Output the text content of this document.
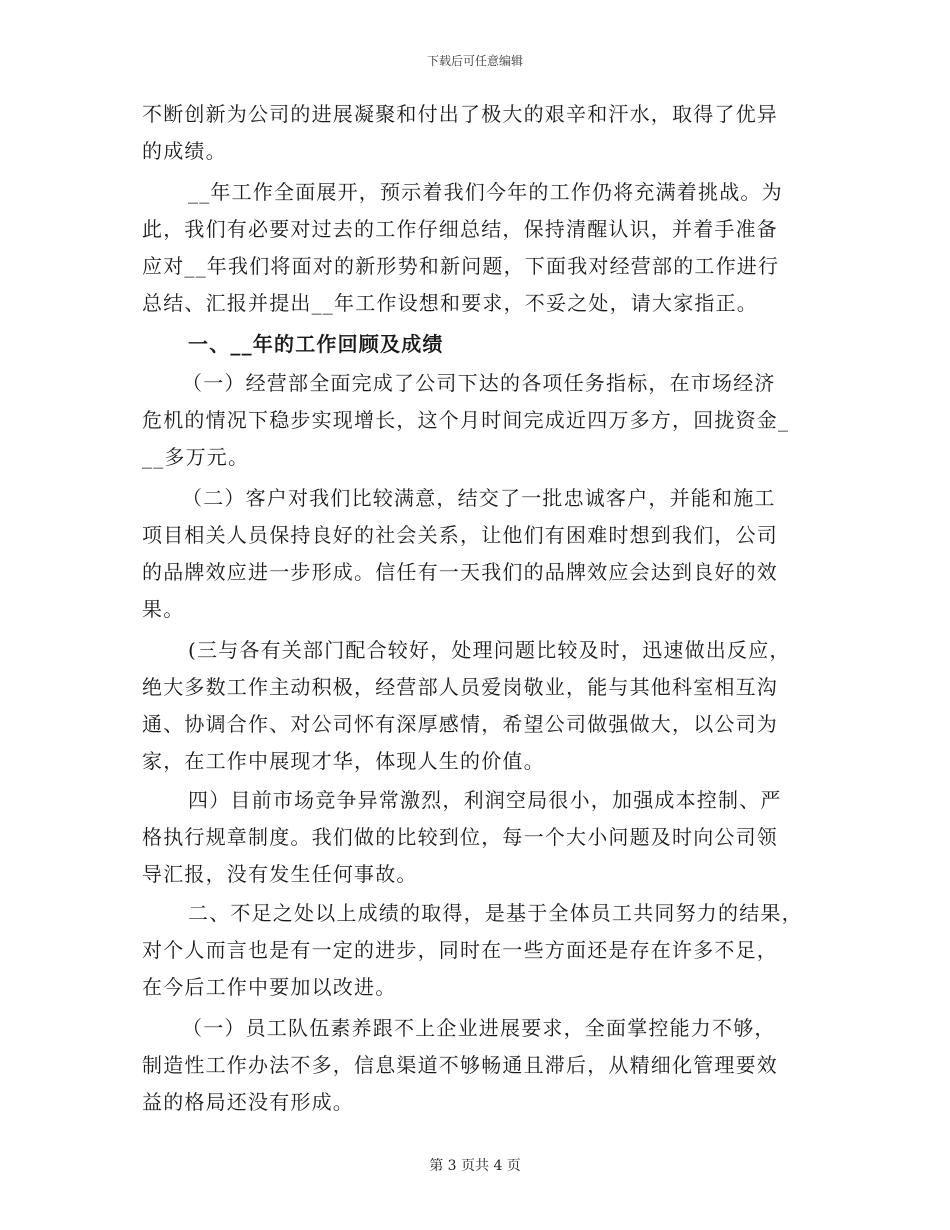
下载后可任意编辑
不断创新为公司的进展凝聚和付出了极大的艰辛和汗水，取得了优异
的成绩。
__年工作全面展开，预示着我们今年的工作仍将充满着挑战。为
此，我们有必要对过去的工作仔细总结，保持清醒认识，并着手准备
应对__年我们将面对的新形势和新问题，下面我对经营部的工作进行
总结、汇报并提出__年工作设想和要求，不妥之处，请大家指正。
一、__年的工作回顾及成绩
（一）经营部全面完成了公司下达的各项任务指标，在市场经济
危机的情况下稳步实现增长，这个月时间完成近四万多方，回拢资金_
__多万元。
（二）客户对我们比较满意，结交了一批忠诚客户，并能和施工
项目相关人员保持良好的社会关系，让他们有困难时想到我们，公司
的品牌效应进一步形成。信任有一天我们的品牌效应会达到良好的效
果。
(三与各有关部门配合较好，处理问题比较及时，迅速做出反应，
绝大多数工作主动积极，经营部人员爱岗敬业，能与其他科室相互沟
通、协调合作、对公司怀有深厚感情，希望公司做强做大，以公司为
家，在工作中展现才华，体现人生的价值。
四）目前市场竞争异常激烈，利润空局很小，加强成本控制、严
格执行规章制度。我们做的比较到位，每一个大小问题及时向公司领
导汇报，没有发生任何事故。
二、不足之处以上成绩的取得，是基于全体员工共同努力的结果，
对个人而言也是有一定的进步，同时在一些方面还是存在许多不足，
在今后工作中要加以改进。
（一）员工队伍素养跟不上企业进展要求，全面掌控能力不够，
制造性工作办法不多，信息渠道不够畅通且滞后，从精细化管理要效
益的格局还没有形成。
第 3 页共 4 页
